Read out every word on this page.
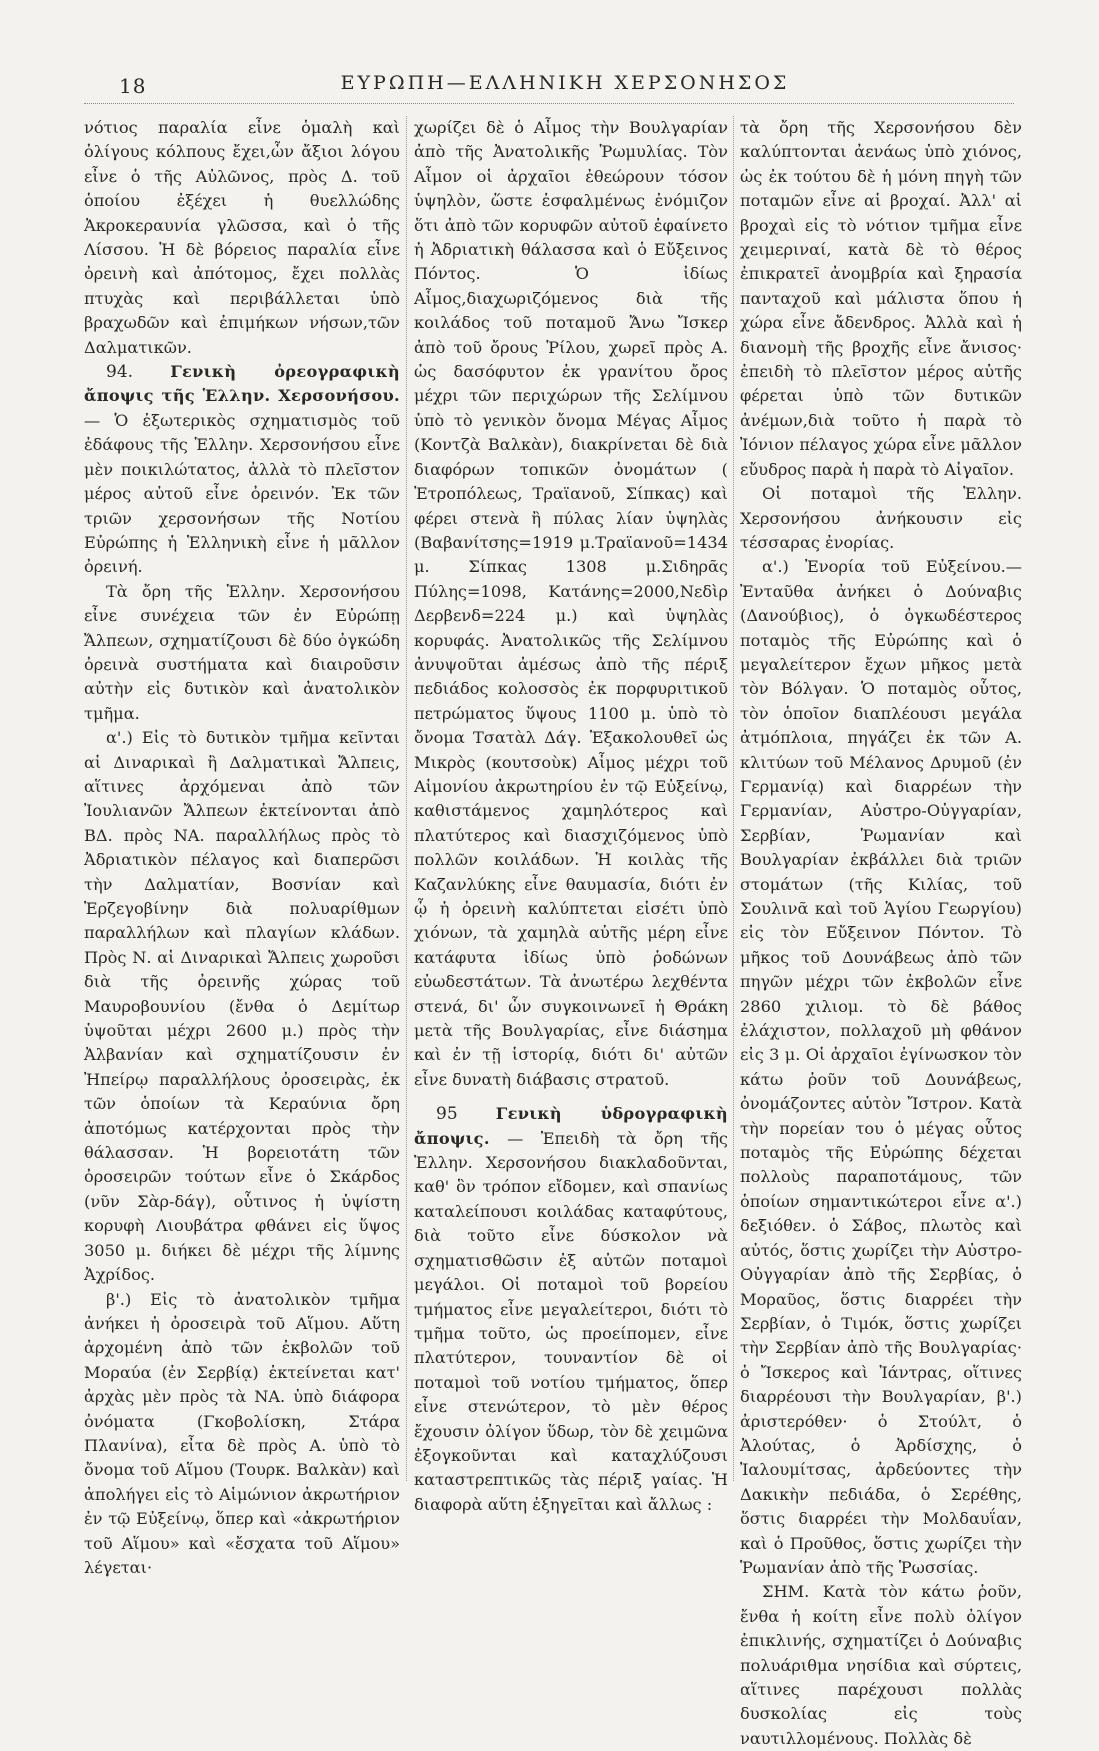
18	ΕΥΡΩΠΗ—ΕΛΛΗΝΙΚΗ ΧΕΡΣΟΝΗΣΟΣ

νότιος παραλία εἶνε ὁμαλὴ καὶ ὀλίγους κόλπους ἔχει,ὧν ἄξιοι λόγου εἶνε ὁ τῆς Αὐλῶνος, πρὸς Δ. τοῦ ὁποίου ἐξέχει ἡ θυελλώδης Ἀκροκεραυνία γλῶσσα, καὶ ὁ τῆς Λίσσου. Ἡ δὲ βόρειος παραλία εἶνε ὀρεινὴ καὶ ἀπότομος, ἔχει πολλὰς πτυχὰς καὶ περιβάλλεται ὑπὸ βραχωδῶν καὶ ἐπιμήκων νήσων,τῶν Δαλματικῶν.

94. Γενικὴ ὀρεογραφικὴ ἄποψις τῆς Ἑλλην. Χερσονήσου. — Ὁ ἐξωτερικὸς σχηματισμὸς τοῦ ἐδάφους τῆς Ἑλλην. Χερσονήσου εἶνε μὲν ποικιλώτατος, ἀλλὰ τὸ πλεῖστον μέρος αὐτοῦ εἶνε ὀρεινόν. Ἐκ τῶν τριῶν χερσονήσων τῆς Νοτίου Εὐρώπης ἡ Ἑλληνικὴ εἶνε ἡ μᾶλλον ὀρεινή.

Τὰ ὄρη τῆς Ἑλλην. Χερσονήσου εἶνε συνέχεια τῶν ἐν Εὐρώπῃ Ἄλπεων, σχηματίζουσι δὲ δύο ὀγκώδη ὀρεινὰ συστήματα καὶ διαιροῦσιν αὐτὴν εἰς δυτικὸν καὶ ἀνατολικὸν τμῆμα.

α'.) Εἰς τὸ δυτικὸν τμῆμα κεῖνται αἱ Διναρικαὶ ἢ Δαλματικαὶ Ἄλπεις, αἵτινες ἀρχόμεναι ἀπὸ τῶν Ἰουλιανῶν Ἄλπεων ἐκτείνονται ἀπὸ ΒΔ. πρὸς ΝΑ. παραλλήλως πρὸς τὸ Ἀδριατικὸν πέλαγος καὶ διαπερῶσι τὴν Δαλματίαν, Βοσνίαν καὶ Ἑρζεγοβίνην διὰ πολυαρίθμων παραλλήλων καὶ πλαγίων κλάδων. Πρὸς Ν. αἱ Διναρικαὶ Ἄλπεις χωροῦσι διὰ τῆς ὀρεινῆς χώρας τοῦ Μαυροβουνίου (ἔνθα ὁ Δεμίτωρ ὑψοῦται μέχρι 2600 μ.) πρὸς τὴν Ἀλβανίαν καὶ σχηματίζουσιν ἐν Ἠπείρῳ παραλλήλους ὀροσειρὰς, ἐκ τῶν ὁποίων τὰ Κεραύνια ὄρη ἀποτόμως κατέρχονται πρὸς τὴν θάλασσαν. Ἡ βορειοτάτη τῶν ὀροσειρῶν τούτων εἶνε ὁ Σκάρδος (νῦν Σὰρ-δάγ), οὗτινος ἡ ὑψίστη κορυφὴ Λιουβάτρα φθάνει εἰς ὕψος 3050 μ. διήκει δὲ μέχρι τῆς λίμνης Ἀχρίδος.

β'.) Εἰς τὸ ἀνατολικὸν τμῆμα ἀνήκει ἡ ὀροσειρὰ τοῦ Αἵμου. Αὕτη ἀρχομένη ἀπὸ τῶν ἐκβολῶν τοῦ Μοραύα (ἐν Σερβίᾳ) ἐκτείνεται κατ' ἀρχὰς μὲν πρὸς τὰ ΝΑ. ὑπὸ διάφορα ὀνόματα (Γκοβολίσκη, Στάρα Πλανίνα), εἶτα δὲ πρὸς Α. ὑπὸ τὸ ὄνομα τοῦ Αἵμου (Τουρκ. Βαλκὰν) καὶ ἀπολήγει εἰς τὸ Αἱμώνιον ἀκρωτήριον ἐν τῷ Εὐξείνῳ, ὅπερ καὶ «ἀκρωτήριον τοῦ Αἵμου» καὶ «ἔσχατα τοῦ Αἵμου» λέγεται·

χωρίζει δὲ ὁ Αἷμος τὴν Βουλγαρίαν ἀπὸ τῆς Ἀνατολικῆς Ῥωμυλίας. Τὸν Αἷμον οἱ ἀρχαῖοι ἐθεώρουν τόσον ὑψηλὸν, ὥστε ἐσφαλμένως ἐνόμιζον ὅτι ἀπὸ τῶν κορυφῶν αὐτοῦ ἐφαίνετο ἡ Ἀδριατικὴ θάλασσα καὶ ὁ Εὔξεινος Πόντος. Ὁ ἰδίως Αἷμος,διαχωριζόμενος διὰ τῆς κοιλάδος τοῦ ποταμοῦ Ἄνω Ἴσκερ ἀπὸ τοῦ ὄρους Ῥίλου, χωρεῖ πρὸς Α. ὡς δασόφυτον ἐκ γρανίτου ὄρος μέχρι τῶν περιχώρων τῆς Σελίμνου ὑπὸ τὸ γενικὸν ὄνομα Μέγας Αἷμος (Κοντζὰ Βαλκὰν), διακρίνεται δὲ διὰ διαφόρων τοπικῶν ὀνομάτων ( Ἐτροπόλεως, Τραϊανοῦ, Σίπκας) καὶ φέρει στενὰ ἢ πύλας λίαν ὑψηλὰς (Βαβανίτσης=1919 μ.Τραϊανοῦ=1434 μ. Σίπκας 1308 μ.Σιδηρᾶς Πύλης=1098, Κατάνης=2000,Νεδὶρ Δερβενδ=224 μ.) καὶ ὑψηλὰς κορυφάς. Ἀνατολικῶς τῆς Σελίμνου ἀνυψοῦται ἀμέσως ἀπὸ τῆς πέριξ πεδιάδος κολοσσὸς ἐκ πορφυριτικοῦ πετρώματος ὕψους 1100 μ. ὑπὸ τὸ ὄνομα Τσατὰλ Δάγ. Ἐξακολουθεῖ ὡς Μικρὸς (κουτσοὺκ) Αἷμος μέχρι τοῦ Αἱμονίου ἀκρωτηρίου ἐν τῷ Εὐξείνῳ, καθιστάμενος χαμηλότερος καὶ πλατύτερος καὶ διασχιζόμενος ὑπὸ πολλῶν κοιλάδων. Ἡ κοιλὰς τῆς Καζανλύκης εἶνε θαυμασία, διότι ἐν ᾧ ἡ ὀρεινὴ καλύπτεται εἰσέτι ὑπὸ χιόνων, τὰ χαμηλὰ αὐτῆς μέρη εἶνε κατάφυτα ἰδίως ὑπὸ ῥοδώνων εὐωδεστάτων. Τὰ ἀνωτέρω λεχθέντα στενά, δι' ὧν συγκοινωνεῖ ἡ Θράκη μετὰ τῆς Βουλγαρίας, εἶνε διάσημα καὶ ἐν τῇ ἱστορίᾳ, διότι δι' αὐτῶν εἶνε δυνατὴ διάβασις στρατοῦ.

95 Γενικὴ ὑδρογραφικὴ ἄποψις. — Ἐπειδὴ τὰ ὄρη τῆς Ἑλλην. Χερσονήσου διακλαδοῦνται, καθ' ὃν τρόπον εἴδομεν, καὶ σπανίως καταλείπουσι κοιλάδας καταφύτους, διὰ τοῦτο εἶνε δύσκολον νὰ σχηματισθῶσιν ἐξ αὐτῶν ποταμοὶ μεγάλοι. Οἱ ποταμοὶ τοῦ βορείου τμήματος εἶνε μεγαλείτεροι, διότι τὸ τμῆμα τοῦτο, ὡς προείπομεν, εἶνε πλατύτερον, τουναντίον δὲ οἱ ποταμοὶ τοῦ νοτίου τμήματος, ὅπερ εἶνε στενώτερον, τὸ μὲν θέρος ἔχουσιν ὀλίγον ὕδωρ, τὸν δὲ χειμῶνα ἐξογκοῦνται καὶ καταχλύζουσι καταστρεπτικῶς τὰς πέριξ γαίας. Ἡ διαφορὰ αὕτη ἐξηγεῖται καὶ ἄλλως :

τὰ ὄρη τῆς Χερσονήσου δὲν καλύπτονται ἀενάως ὑπὸ χιόνος, ὡς ἐκ τούτου δὲ ἡ μόνη πηγὴ τῶν ποταμῶν εἶνε αἱ βροχαί. Ἀλλ' αἱ βροχαὶ εἰς τὸ νότιον τμῆμα εἶνε χειμεριναί, κατὰ δὲ τὸ θέρος ἐπικρατεῖ ἀνομβρία καὶ ξηρασία πανταχοῦ καὶ μάλιστα ὅπου ἡ χώρα εἶνε ἄδενδρος. Ἀλλὰ καὶ ἡ διανομὴ τῆς βροχῆς εἶνε ἄνισος· ἐπειδὴ τὸ πλεῖστον μέρος αὐτῆς φέρεται ὑπὸ τῶν δυτικῶν ἀνέμων,διὰ τοῦτο ἡ παρὰ τὸ Ἰόνιον πέλαγος χώρα εἶνε μᾶλλον εὔυδρος παρὰ ἡ παρὰ τὸ Αἰγαῖον.

Οἱ ποταμοὶ τῆς Ἑλλην. Χερσονήσου ἀνήκουσιν εἰς τέσσαρας ἐνορίας.

α'.) Ἐνορία τοῦ Εὐξείνου.— Ἐνταῦθα ἀνήκει ὁ Δούναβις (Δανούβιος), ὁ ὀγκωδέστερος ποταμὸς τῆς Εὐρώπης καὶ ὁ μεγαλείτερον ἔχων μῆκος μετὰ τὸν Βόλγαν. Ὁ ποταμὸς οὗτος, τὸν ὁποῖον διαπλέουσι μεγάλα ἀτμόπλοια, πηγάζει ἐκ τῶν Α. κλιτύων τοῦ Μέλανος Δρυμοῦ (ἐν Γερμανίᾳ) καὶ διαρρέων τὴν Γερμανίαν, Αὐστρο-Οὐγγαρίαν, Σερβίαν, Ῥωμανίαν καὶ Βουλγαρίαν ἐκβάλλει διὰ τριῶν στομάτων (τῆς Κιλίας, τοῦ Σουλινᾶ καὶ τοῦ Ἁγίου Γεωργίου) εἰς τὸν Εὔξεινον Πόντον. Τὸ μῆκος τοῦ Δουνάβεως ἀπὸ τῶν πηγῶν μέχρι τῶν ἐκβολῶν εἶνε 2860 χιλιομ. τὸ δὲ βάθος ἐλάχιστον, πολλαχοῦ μὴ φθάνον εἰς 3 μ. Οἱ ἀρχαῖοι ἐγίνωσκον τὸν κάτω ῥοῦν τοῦ Δουνάβεως, ὀνομάζοντες αὐτὸν Ἴστρον. Κατὰ τὴν πορείαν του ὁ μέγας οὗτος ποταμὸς τῆς Εὐρώπης δέχεται πολλοὺς παραποτάμους, τῶν ὁποίων σημαντικώτεροι εἶνε α'.) δεξιόθεν. ὁ Σάβος, πλωτὸς καὶ αὐτός, ὅστις χωρίζει τὴν Αὐστρο-Οὐγγαρίαν ἀπὸ τῆς Σερβίας, ὁ Μοραῦος, ὅστις διαρρέει τὴν Σερβίαν, ὁ Τιμόκ, ὅστις χωρίζει τὴν Σερβίαν ἀπὸ τῆς Βουλγαρίας· ὁ Ἴσκερος καὶ Ἰάντρας, οἵτινες διαρρέουσι τὴν Βουλγαρίαν, β'.) ἀριστερόθεν· ὁ Στούλτ, ὁ Ἀλούτας, ὁ Ἀρδίσχης, ὁ Ἰαλουμίτσας, ἀρδεύοντες τὴν Δακικὴν πεδιάδα, ὁ Σερέθης, ὅστις διαρρέει τὴν Μολδαυΐαν, καὶ ὁ Προῦθος, ὅστις χωρίζει τὴν Ῥωμανίαν ἀπὸ τῆς Ῥωσσίας.

ΣΗΜ. Κατὰ τὸν κάτω ῥοῦν, ἔνθα ἡ κοίτη εἶνε πολὺ ὀλίγον ἐπικλινής, σχηματίζει ὁ Δούναβις πολυάριθμα νησίδια καὶ σύρτεις, αἵτινες παρέχουσι πολλὰς δυσκολίας εἰς τοὺς ναυτιλλομένους. Πολλὰς δὲ
